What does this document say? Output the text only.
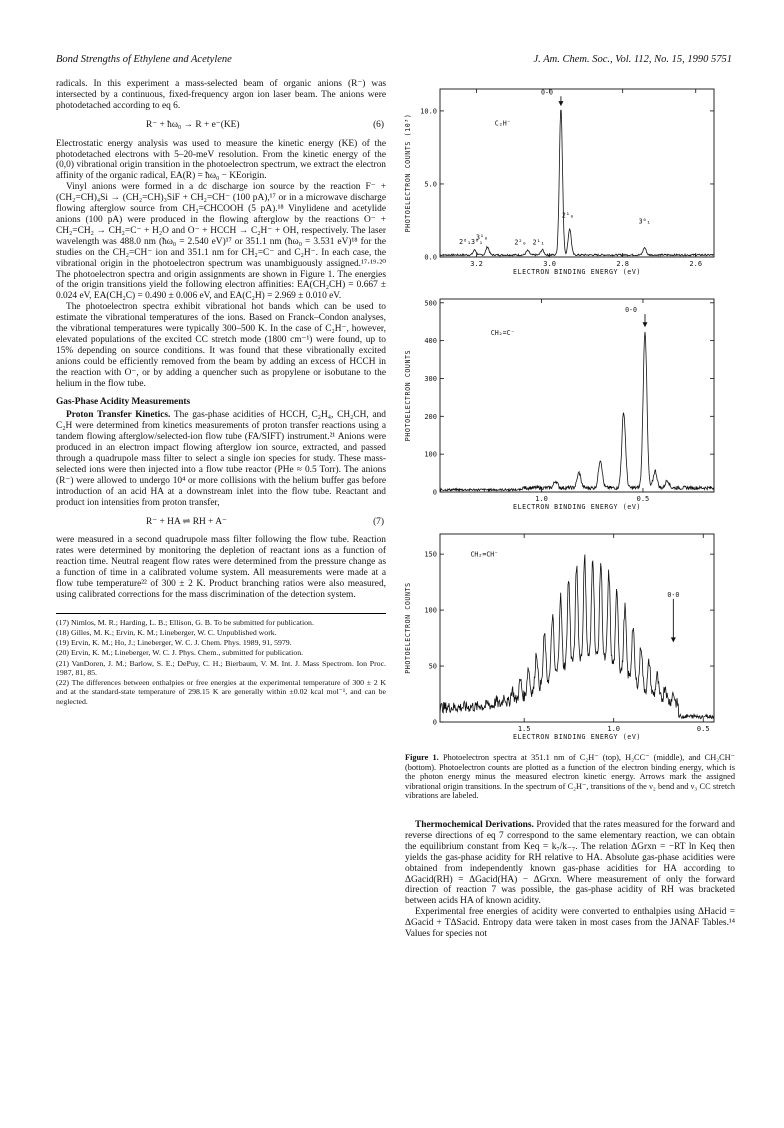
Bond Strengths of Ethylene and Acetylene	J. Am. Chem. Soc., Vol. 112, No. 15, 1990 5751

radicals. In this experiment a mass-selected beam of organic anions (R⁻) was intersected by a continuous, fixed-frequency argon ion laser beam. The anions were photodetached according to eq 6.

R⁻ + ħω₀ → R + e⁻(KE)	(6)

Electrostatic energy analysis was used to measure the kinetic energy (KE) of the photodetached electrons with 5–20-meV resolution. From the kinetic energy of the (0,0) vibrational origin transition in the photoelectron spectrum, we extract the electron affinity of the organic radical, EA(R) = ħω₀ − KEorigin.

Vinyl anions were formed in a dc discharge ion source by the reaction F⁻ + (CH₂=CH)₄Si → (CH₂=CH)₃SiF + CH₂=CH⁻ (100 pA),¹⁷ or in a microwave discharge flowing afterglow source from CH₂=CHCOOH (5 pA).¹⁸ Vinylidene and acetylide anions (100 pA) were produced in the flowing afterglow by the reactions O⁻ + CH₂=CH₂ → CH₂=C⁻ + H₂O and O⁻ + HCCH → C₂H⁻ + OH, respectively. The laser wavelength was 488.0 nm (ħω₀ = 2.540 eV)¹⁷ or 351.1 nm (ħω₀ = 3.531 eV)¹⁸ for the studies on the CH₂=CH⁻ ion and 351.1 nm for CH₂=C⁻ and C₂H⁻. In each case, the vibrational origin in the photoelectron spectrum was unambiguously assigned.¹⁷·¹⁹·²⁰ The photoelectron spectra and origin assignments are shown in Figure 1. The energies of the origin transitions yield the following electron affinities: EA(CH₂CH) = 0.667 ± 0.024 eV, EA(CH₂C) = 0.490 ± 0.006 eV, and EA(C₂H) = 2.969 ± 0.010 eV.

The photoelectron spectra exhibit vibrational hot bands which can be used to estimate the vibrational temperatures of the ions. Based on Franck–Condon analyses, the vibrational temperatures were typically 300–500 K. In the case of C₂H⁻, however, elevated populations of the excited CC stretch mode (1800 cm⁻¹) were found, up to 15% depending on source conditions. It was found that these vibrationally excited anions could be efficiently removed from the beam by adding an excess of HCCH in the reaction with O⁻, or by adding a quencher such as propylene or isobutane to the helium in the flow tube.

Gas-Phase Acidity Measurements

Proton Transfer Kinetics. The gas-phase acidities of HCCH, C₂H₄, CH₂CH, and C₂H were determined from kinetics measurements of proton transfer reactions using a tandem flowing afterglow/selected-ion flow tube (FA/SIFT) instrument.²¹ Anions were produced in an electron impact flowing afterglow ion source, extracted, and passed through a quadrupole mass filter to select a single ion species for study. These mass-selected ions were then injected into a flow tube reactor (PHe ≈ 0.5 Torr). The anions (R⁻) were allowed to undergo 10⁴ or more collisions with the helium buffer gas before introduction of an acid HA at a downstream inlet into the flow tube. Reactant and product ion intensities from proton transfer,

R⁻ + HA ⇌ RH + A⁻	(7)

were measured in a second quadrupole mass filter following the flow tube. Reaction rates were determined by monitoring the depletion of reactant ions as a function of reaction time. Neutral reagent flow rates were determined from the pressure change as a function of time in a calibrated volume system. All measurements were made at a flow tube temperature²² of 300 ± 2 K. Product branching ratios were also measured, using calibrated corrections for the mass discrimination of the detection system.

(17) Nimlos, M. R.; Harding, L. B.; Ellison, G. B. To be submitted for publication.

(18) Gilles, M. K.; Ervin, K. M.; Lineberger, W. C. Unpublished work.

(19) Ervin, K. M.; Ho, J.; Lineberger, W. C. J. Chem. Phys. 1989, 91, 5979.

(20) Ervin, K. M.; Lineberger, W. C. J. Phys. Chem., submitted for publication.

(21) VanDoren, J. M.; Barlow, S. E.; DePuy, C. H.; Bierbaum, V. M. Int. J. Mass Spectrom. Ion Proc. 1987, 81, 85.

(22) The differences between enthalpies or free energies at the experimental temperature of 300 ± 2 K and at the standard-state temperature of 298.15 K are generally within ±0.02 kcal mol⁻¹, and can be neglected.

3.2	3.0	2.8	2.6
0.0
5.0
10.0
ELECTRON BINDING ENERGY (eV)
PHOTOELECTRON COUNTS (10³)	C₂H⁻
0-0
2⁰₁3⁰₁
3¹₀
2²₀ 2¹₁
2¹₀
3⁰₁
1.0	0.5
0
100
200
300
400
500
ELECTRON BINDING ENERGY (eV)
PHOTOELECTRON COUNTS
CH₂=C⁻
0-0
1.5	1.0	0.5
0
50
100
150
ELECTRON BINDING ENERGY (eV)
PHOTOELECTRON COUNTS
CH₂=CH⁻
0-0
Figure 1. Photoelectron spectra at 351.1 nm of C₂H⁻ (top), H₂CC⁻ (middle), and CH₂CH⁻ (bottom). Photoelectron counts are plotted as a function of the electron binding energy, which is the photon energy minus the measured electron kinetic energy. Arrows mark the assigned vibrational origin transitions. In the spectrum of C₂H⁻, transitions of the ν₂ bend and ν₃ CC stretch vibrations are labeled.

Thermochemical Derivations. Provided that the rates measured for the forward and reverse directions of eq 7 correspond to the same elementary reaction, we can obtain the equilibrium constant from Keq = k₇/k₋₇. The relation ΔGrxn = −RT ln Keq then yields the gas-phase acidity for RH relative to HA. Absolute gas-phase acidities were obtained from independently known gas-phase acidities for HA according to ΔGacid(RH) = ΔGacid(HA) − ΔGrxn. Where measurement of only the forward direction of reaction 7 was possible, the gas-phase acidity of RH was bracketed between acids HA of known acidity.

Experimental free energies of acidity were converted to enthalpies using ΔHacid = ΔGacid + TΔSacid. Entropy data were taken in most cases from the JANAF Tables.¹⁴ Values for species not
